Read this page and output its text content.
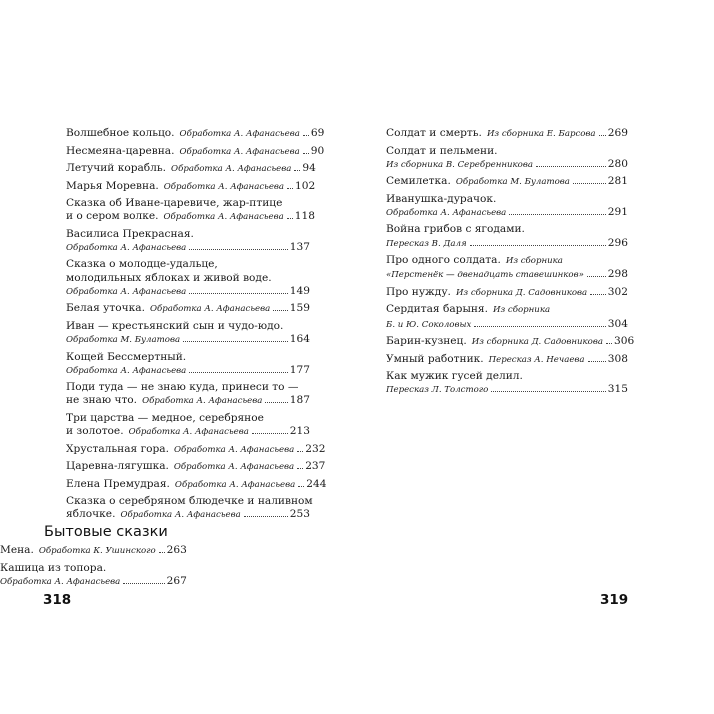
Волшебное кольцо. Обработка А. Афанасьева 69
Несмеяна-царевна. Обработка А. Афанасьева 90
Летучий корабль. Обработка А. Афанасьева 94
Марья Моревна. Обработка А. Афанасьева 102
Сказка об Иване-царевиче, жар-птице
и о сером волке. Обработка А. Афанасьева 118
Василиса Прекрасная.
Обработка А. Афанасьева	137
Сказка о молодце-удальце,
молодильных яблоках и живой воде.
Обработка А. Афанасьева	149
Белая уточка. Обработка А. Афанасьева 159
Иван — крестьянский сын и чудо-юдо.
Обработка М. Булатова	164
Кощей Бессмертный.
Обработка А. Афанасьева	177
Поди туда — не знаю куда, принеси то —
не знаю что. Обработка А. Афанасьева	187
Три царства — медное, серебряное
и золотое. Обработка А. Афанасьева	213
Хрустальная гора. Обработка А. Афанасьева 232
Царевна-лягушка. Обработка А. Афанасьева 237
Елена Премудрая. Обработка А. Афанасьева 244
Сказка о серебряном блюдечке и наливном
яблочке. Обработка А. Афанасьева	253
Бытовые сказки
Мена. Обработка К. Ушинского 263
Кашица из топора.
Обработка А. Афанасьева	267
Солдат и смерть. Из сборника Е. Барсова 269
Солдат и пельмени.
Из сборника В. Серебренникова	280
Семилетка. Обработка М. Булатова	281
Иванушка-дурачок.
Обработка А. Афанасьева	291
Война грибов с ягодами.
Пересказ В. Даля	296
Про одного солдата. Из сборника
«Перстенёк — двенадцать ставешинков» 298
Про нужду. Из сборника Д. Садовникова 302
Сердитая барыня. Из сборника
Б. и Ю. Соколовых	304
Барин-кузнец. Из сборника Д. Садовникова 306
Умный работник. Пересказ А. Нечаева 308
Как мужик гусей делил.
Пересказ Л. Толстого	315
318	319
